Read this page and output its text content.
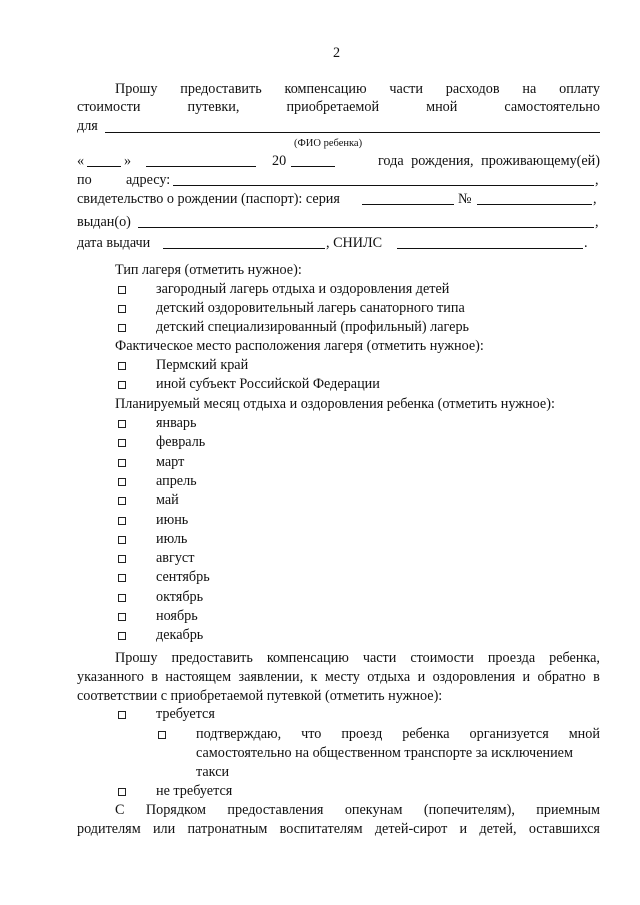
2
Прошу предоставить компенсацию части расходов на оплату
стоимости	путевки,	приобретаемой	мной	самостоятельно
для
(ФИО ребенка)
«	»	20	года рождения, проживающему(ей)
по адресу:	,
свидетельство о рождении (паспорт): серия	№	,
выдан(о)	,
дата выдачи	, СНИЛС	.
Тип лагеря (отметить нужное):
загородный лагерь отдыха и оздоровления детей
детский оздоровительный лагерь санаторного типа
детский специализированный (профильный) лагерь
Фактическое место расположения лагеря (отметить нужное):
Пермский край
иной субъект Российской Федерации
Планируемый месяц отдыха и оздоровления ребенка (отметить нужное):
январь
февраль
март
апрель
май
июнь
июль
август
сентябрь
октябрь
ноябрь
декабрь
Прошу предоставить компенсацию части стоимости проезда ребенка,
указанного в настоящем заявлении, к месту отдыха и оздоровления и обратно в
соответствии с приобретаемой путевкой (отметить нужное):
требуется
подтверждаю, что проезд ребенка организуется мной
самостоятельно на общественном транспорте за исключением
такси
не требуется
С Порядком предоставления опекунам (попечителям), приемным
родителям или патронатным воспитателям детей-сирот и детей, оставшихся
